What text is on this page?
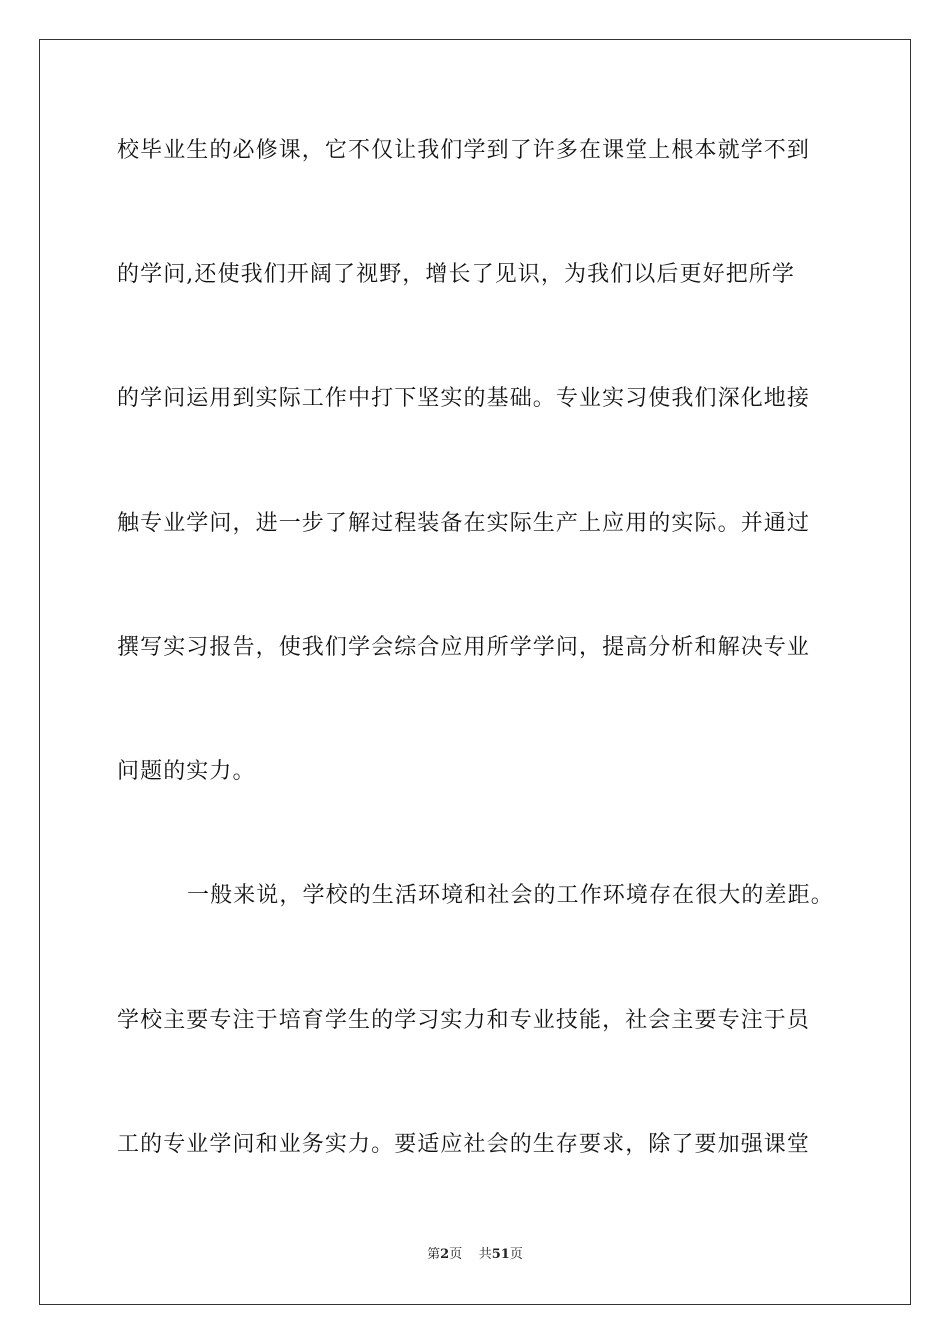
校毕业生的必修课，它不仅让我们学到了许多在课堂上根本就学不到
的学问,还使我们开阔了视野，增长了见识，为我们以后更好把所学
的学问运用到实际工作中打下坚实的基础。专业实习使我们深化地接
触专业学问，进一步了解过程装备在实际生产上应用的实际。并通过
撰写实习报告，使我们学会综合应用所学学问，提高分析和解决专业
问题的实力。
一般来说，学校的生活环境和社会的工作环境存在很大的差距。
学校主要专注于培育学生的学习实力和专业技能，社会主要专注于员
工的专业学问和业务实力。要适应社会的生存要求，除了要加强课堂
第2页 共51页
